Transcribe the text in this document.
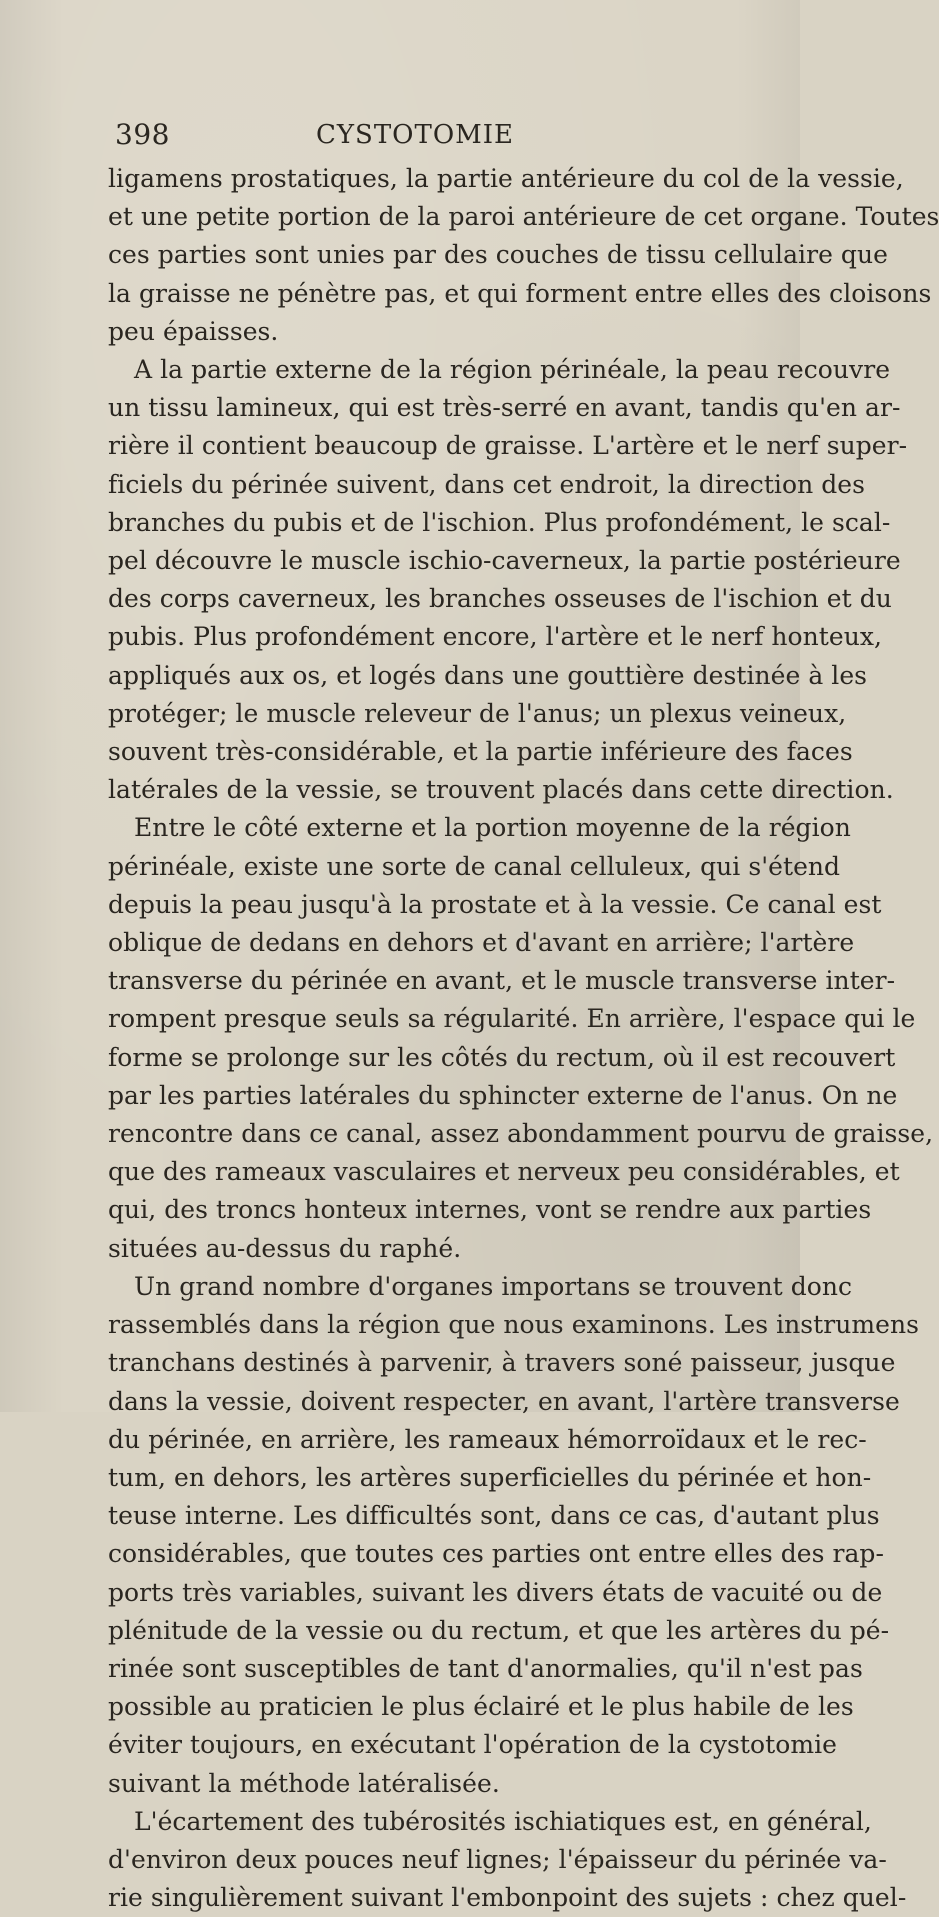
398	CYSTOTOMIE
ligamens prostatiques, la partie antérieure du col de la vessie,
et une petite portion de la paroi antérieure de cet organe. Toutes
ces parties sont unies par des couches de tissu cellulaire que
la graisse ne pénètre pas, et qui forment entre elles des cloisons
peu épaisses.
A la partie externe de la région périnéale, la peau recouvre
un tissu lamineux, qui est très-serré en avant, tandis qu'en ar-
rière il contient beaucoup de graisse. L'artère et le nerf super-
ficiels du périnée suivent, dans cet endroit, la direction des
branches du pubis et de l'ischion. Plus profondément, le scal-
pel découvre le muscle ischio-caverneux, la partie postérieure
des corps caverneux, les branches osseuses de l'ischion et du
pubis. Plus profondément encore, l'artère et le nerf honteux,
appliqués aux os, et logés dans une gouttière destinée à les
protéger; le muscle releveur de l'anus; un plexus veineux,
souvent très-considérable, et la partie inférieure des faces
latérales de la vessie, se trouvent placés dans cette direction.
Entre le côté externe et la portion moyenne de la région
périnéale, existe une sorte de canal celluleux, qui s'étend
depuis la peau jusqu'à la prostate et à la vessie. Ce canal est
oblique de dedans en dehors et d'avant en arrière; l'artère
transverse du périnée en avant, et le muscle transverse inter-
rompent presque seuls sa régularité. En arrière, l'espace qui le
forme se prolonge sur les côtés du rectum, où il est recouvert
par les parties latérales du sphincter externe de l'anus. On ne
rencontre dans ce canal, assez abondamment pourvu de graisse,
que des rameaux vasculaires et nerveux peu considérables, et
qui, des troncs honteux internes, vont se rendre aux parties
situées au-dessus du raphé.
Un grand nombre d'organes importans se trouvent donc
rassemblés dans la région que nous examinons. Les instrumens
tranchans destinés à parvenir, à travers soné paisseur, jusque
dans la vessie, doivent respecter, en avant, l'artère transverse
du périnée, en arrière, les rameaux hémorroïdaux et le rec-
tum, en dehors, les artères superficielles du périnée et hon-
teuse interne. Les difficultés sont, dans ce cas, d'autant plus
considérables, que toutes ces parties ont entre elles des rap-
ports très variables, suivant les divers états de vacuité ou de
plénitude de la vessie ou du rectum, et que les artères du pé-
rinée sont susceptibles de tant d'anormalies, qu'il n'est pas
possible au praticien le plus éclairé et le plus habile de les
éviter toujours, en exécutant l'opération de la cystotomie
suivant la méthode latéralisée.
L'écartement des tubérosités ischiatiques est, en général,
d'environ deux pouces neuf lignes; l'épaisseur du périnée va-
rie singulièrement suivant l'embonpoint des sujets : chez quel-
